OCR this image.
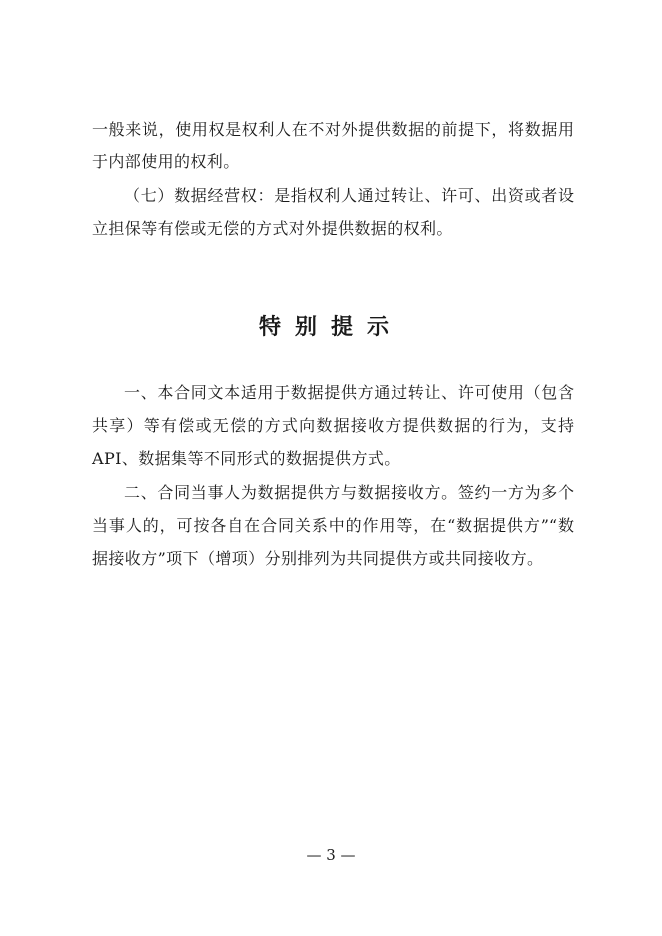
一般来说，使用权是权利人在不对外提供数据的前提下，将数据用
于内部使用的权利。
（七）数据经营权：是指权利人通过转让、许可、出资或者设
立担保等有偿或无偿的方式对外提供数据的权利。
特别提示
一、本合同文本适用于数据提供方通过转让、许可使用（包含
共享）等有偿或无偿的方式向数据接收方提供数据的行为，支持
API、数据集等不同形式的数据提供方式。
二、合同当事人为数据提供方与数据接收方。签约一方为多个
当事人的，可按各自在合同关系中的作用等，在“数据提供方”“数
据接收方”项下（增项）分别排列为共同提供方或共同接收方。
— 3 —
